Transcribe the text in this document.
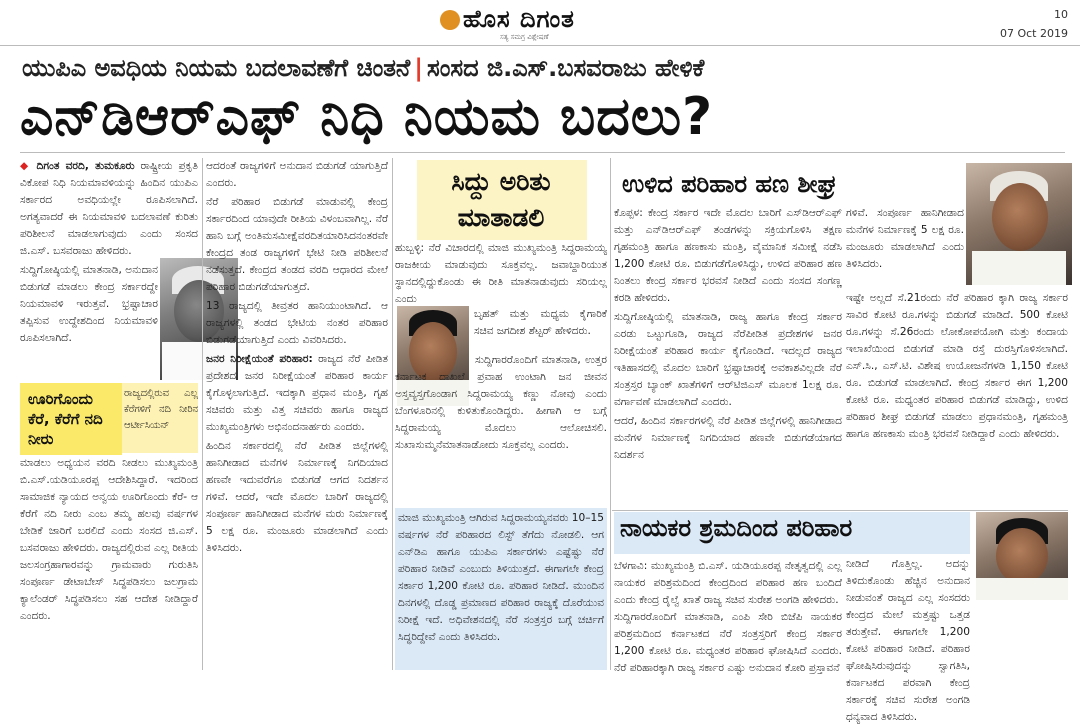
ಹೊಸ ದಿಗಂತ
ಸತ್ಯ ಸಮಗ್ರ ವಿಶ್ಲೇಷಣೆ
10
07 Oct 2019
ಯುಪಿಎ ಅವಧಿಯ ನಿಯಮ ಬದಲಾವಣೆಗೆ ಚಿಂತನೆ | ಸಂಸದ ಜಿ.ಎಸ್.ಬಸವರಾಜು ಹೇಳಿಕೆ
ಎನ್‌ಡಿಆರ್‌ಎಫ್ ನಿಧಿ ನಿಯಮ ಬದಲು?

◆ ದಿಗಂತ ವರದಿ, ತುಮಕೂರು ರಾಷ್ಟ್ರೀಯ ಪ್ರಕೃತಿ ವಿಕೋಪ ನಿಧಿ ನಿಯಮಾವಳಿಯನ್ನು ಹಿಂದಿನ ಯುಪಿಎ ಸರ್ಕಾರದ ಅವಧಿಯಲ್ಲೇ ರೂಪಿಸಲಾಗಿದೆ. ಅಗತ್ಯವಾದರೆ ಈ ನಿಯಮಾವಳಿ ಬದಲಾವಣೆ ಕುರಿತು ಪರಿಶೀಲನೆ ಮಾಡಲಾಗುವುದು ಎಂದು ಸಂಸದ ಜಿ.ಎಸ್. ಬಸವರಾಜು ಹೇಳಿದರು.

ಸುದ್ದಿಗೋಷ್ಠಿಯಲ್ಲಿ ಮಾತನಾಡಿ, ಅನುದಾನ ಬಿಡುಗಡೆ ಮಾಡಲು ಕೇಂದ್ರ ಸರ್ಕಾರದ್ದೇ ನಿಯಮಾವಳಿ ಇರುತ್ತವೆ. ಭ್ರಷ್ಟಾಚಾರ ತಪ್ಪಿಸುವ ಉದ್ದೇಶದಿಂದ ನಿಯಮಾವಳಿ ರೂಪಿಸಲಾಗಿದೆ.

ಊರಿಗೊಂದು ಕೆರೆ, ಕೆರೆಗೆ ನದಿ ನೀರು
ರಾಜ್ಯದಲ್ಲಿರುವ ಎಲ್ಲ ಕೆರೆಗಳಿಗೆ ನದಿ ನೀರಿನ ಆರ್ಟೀಸಿಯನ್

ಮಾಡಲು ಅಧ್ಯಯನ ವರದಿ ನೀಡಲು ಮುಖ್ಯಮಂತ್ರಿ ಬಿ.ಎಸ್.ಯಡಿಯೂರಪ್ಪ ಆದೇಶಿಸಿದ್ದಾರೆ. ಇದರಿಂದ ಸಾಮಾಜಿಕ ನ್ಯಾಯದ ಅನ್ವಯ ಊರಿಗೊಂದು ಕೆರೆ- ಆ ಕೆರೆಗೆ ನದಿ ನೀರು ಎಂಬ ತಮ್ಮ ಹಲವು ವರ್ಷಗಳ ಬೇಡಿಕೆ ಜಾರಿಗೆ ಬರಲಿದೆ ಎಂದು ಸಂಸದ ಜಿ.ಎಸ್. ಬಸವರಾಜು ಹೇಳಿದರು. ರಾಜ್ಯದಲ್ಲಿರುವ ಎಲ್ಲ ರೀತಿಯ ಜಲಸಂಗ್ರಹಾಗಾರವನ್ನು ಗ್ರಾಮವಾರು ಗುರುತಿಸಿ ಸಂಪೂರ್ಣ ಡೇಟಾಬೇಸ್ ಸಿದ್ಧಪಡಿಸಲು ಜಲಗ್ರಾಮ ಕ್ಯಾಲೆಂಡರ್ ಸಿದ್ಧಪಡಿಸಲು ಸಹ ಆದೇಶ ನೀಡಿದ್ದಾರೆ ಎಂದರು.

ಆದರಂತೆ ರಾಜ್ಯಗಳಿಗೆ ಅನುದಾನ ಬಿಡುಗಡೆ ಯಾಗುತ್ತಿದೆ ಎಂದರು.

ನೆರೆ ಪರಿಹಾರ ಬಿಡುಗಡೆ ಮಾಡುವಲ್ಲಿ ಕೇಂದ್ರ ಸರ್ಕಾರದಿಂದ ಯಾವುದೇ ರೀತಿಯ ವಿಳಂಬವಾಗಿಲ್ಲ. ನೆರೆ ಹಾನಿ ಬಗ್ಗೆ ಅಂತಿಮಸಮೀಕ್ಷೆವರದಿತಯಾರಿಸಿದನಂತರವೇ ಕೇಂದ್ರದ ತಂಡ ರಾಜ್ಯಗಳಿಗೆ ಭೇಟಿ ನೀಡಿ ಪರಿಶೀಲನೆ ನಡೆಸುತ್ತದೆ. ಕೇಂದ್ರದ ತಂಡದ ವರದಿ ಆಧಾರದ ಮೇಲೆ ಪರಿಹಾರ ಬಿಡುಗಡೆಯಾಗುತ್ತದೆ.

13 ರಾಜ್ಯದಲ್ಲಿ ತೀವ್ರತರ ಹಾನಿಯುಂಟಾಗಿದೆ. ಆ ರಾಜ್ಯಗಳಲ್ಲಿ ತಂಡದ ಭೇಟಿಯ ನಂತರ ಪರಿಹಾರ ಬಿಡುಗಡೆಯಾಗುತ್ತಿದೆ ಎಂದು ವಿವರಿಸಿದರು.

ಜನರ ನಿರೀಕ್ಷೆಯಂತೆ ಪರಿಹಾರ: ರಾಜ್ಯದ ನೆರೆ ಪೀಡಿತ ಪ್ರದೇಶದ ಜನರ ನಿರೀಕ್ಷೆಯಂತೆ ಪರಿಹಾರ ಕಾರ್ಯ ಕೈಗೊಳ್ಳಲಾಗುತ್ತಿದೆ. ಇದಕ್ಕಾಗಿ ಪ್ರಧಾನ ಮಂತ್ರಿ, ಗೃಹ ಸಚಿವರು ಮತ್ತು ವಿತ್ತ ಸಚಿವರು ಹಾಗೂ ರಾಜ್ಯದ ಮುಖ್ಯಮಂತ್ರಿಗಳು ಅಭಿನಂದನಾರ್ಹರು ಎಂದರು.

ಹಿಂದಿನ ಸರ್ಕಾರದಲ್ಲಿ ನೆರೆ ಪೀಡಿತ ಜಿಲ್ಲೆಗಳಲ್ಲಿ ಹಾನಿಗೀಡಾದ ಮನೆಗಳ ನಿರ್ಮಾಣಕ್ಕೆ ನಿಗದಿಯಾದ ಹಣವೇ ಇದುವರೆಗೂ ಬಿಡುಗಡೆ ಆಗದ ನಿದರ್ಶನ ಗಳಿವೆ. ಆದರೆ, ಇದೇ ಮೊದಲ ಬಾರಿಗೆ ರಾಜ್ಯದಲ್ಲಿ ಸಂಪೂರ್ಣ ಹಾನಿಗೀಡಾದ ಮನೆಗಳ ಮರು ನಿರ್ಮಾಣಕ್ಕೆ 5 ಲಕ್ಷ ರೂ. ಮಂಜೂರು ಮಾಡಲಾಗಿದೆ ಎಂದು ತಿಳಿಸಿದರು.

ಸಿದ್ದು ಅರಿತು ಮಾತಾಡಲಿ
ಹುಬ್ಬಳ್ಳಿ: ನೆರೆ ವಿಚಾರದಲ್ಲಿ ಮಾಜಿ ಮುಖ್ಯಮಂತ್ರಿ ಸಿದ್ದರಾಮಯ್ಯ ರಾಜಕೀಯ ಮಾಡುವುದು ಸೂಕ್ತವಲ್ಲ. ಜವಾಬ್ದಾರಿಯುತ ಸ್ಥಾನದಲ್ಲಿದ್ದುಕೊಂಡು ಈ ರೀತಿ ಮಾತನಾಡುವುದು ಸರಿಯಲ್ಲ ಎಂದು
ಬೃಹತ್ ಮತ್ತು ಮಧ್ಯಮ ಕೈಗಾರಿಕೆ ಸಚಿವ ಜಗದೀಶ ಶೆಟ್ಟರ್ ಹೇಳಿದರು.
ಸುದ್ದಿಗಾರರೊಂದಿಗೆ ಮಾತನಾಡಿ, ಉತ್ತರ ಕರ್ನಾಟಕ ದಾಖಲೆ ಪ್ರವಾಹ ಉಂಟಾಗಿ ಜನ ಜೀವನ ಅಸ್ತವ್ಯಸ್ತಗೊಂಡಾಗ ಸಿದ್ದರಾಮಯ್ಯ ಕಣ್ಣು ನೋವು ಎಂದು ಬೆಂಗಳೂರಿನಲ್ಲಿ ಕುಳಿತುಕೊಂಡಿದ್ದರು. ಹೀಗಾಗಿ ಆ ಬಗ್ಗೆ ಸಿದ್ದರಾಮಯ್ಯ ಮೊದಲು ಆಲೋಚಿಸಲಿ. ಸುಖಾಸುಮ್ಮನೆಮಾತನಾಡೋದು ಸೂಕ್ತವಲ್ಲ ಎಂದರು.
ಮಾಜಿ ಮುಖ್ಯಮಂತ್ರಿ ಆಗಿರುವ ಸಿದ್ದರಾಮಯ್ಯನವರು 10–15 ವರ್ಷಗಳ ನೆರೆ ಪರಿಹಾರದ ಲಿಸ್ಟ್ ತೆಗೆದು ನೋಡಲಿ. ಆಗ ಎನ್‌ಡಿಎ ಹಾಗೂ ಯುಪಿಎ ಸರ್ಕಾರಗಳು ಎಷ್ಟೆಷ್ಟು ನೆರೆ ಪರಿಹಾರ ನೀಡಿವೆ ಎಂಬುದು ತಿಳಿಯುತ್ತದೆ. ಈಗಾಗಲೇ ಕೇಂದ್ರ ಸರ್ಕಾರ 1,200 ಕೋಟಿ ರೂ. ಪರಿಹಾರ ನೀಡಿದೆ. ಮುಂದಿನ ದಿನಗಳಲ್ಲಿ ದೊಡ್ಡ ಪ್ರಮಾಣದ ಪರಿಹಾರ ರಾಜ್ಯಕ್ಕೆ ದೊರೆಯುವ ನಿರೀಕ್ಷೆ ಇದೆ. ಅಧಿವೇಶನದಲ್ಲಿ ನೆರೆ ಸಂತ್ರಸ್ತರ ಬಗ್ಗೆ ಚರ್ಚಿಗೆ ಸಿದ್ಧರಿದ್ದೇವೆ ಎಂದು ತಿಳಿಸಿದರು.
ಉಳಿದ ಪರಿಹಾರ ಹಣ ಶೀಘ್ರ

ಕೊಪ್ಪಳ: ಕೇಂದ್ರ ಸರ್ಕಾರ ಇದೇ ಮೊದಲ ಬಾರಿಗೆ ಎಸ್‌ಡಿಆರ್‌ಎಫ್ ಮತ್ತು ಎನ್‌ಡಿಆರ್‌ಎಫ್ ತಂಡಗಳನ್ನು ಸಕ್ರಿಯಗೊಳಿಸಿ ತಕ್ಷಣ ಗೃಹಮಂತ್ರಿ ಹಾಗೂ ಹಣಕಾಸು ಮಂತ್ರಿ, ವೈಮಾನಿಕ ಸಮೀಕ್ಷೆ ನಡೆಸಿ 1,200 ಕೋಟಿ ರೂ. ಬಿಡುಗಡೆಗೊಳಿಸಿದ್ದು, ಉಳಿದ ಪರಿಹಾರ ಹಣ ನಿಂತಲು ಕೇಂದ್ರ ಸರ್ಕಾರ ಭರವಸೆ ನೀಡಿದೆ ಎಂದು ಸಂಸದ ಸಂಗಣ್ಣ ಕರಡಿ ಹೇಳಿದರು.

ಸುದ್ದಿಗೋಷ್ಠಿಯಲ್ಲಿ ಮಾತನಾಡಿ, ರಾಜ್ಯ ಹಾಗೂ ಕೇಂದ್ರ ಸರ್ಕಾರ ಎರಡು ಒಟ್ಟುಗೂಡಿ, ರಾಜ್ಯದ ನೆರೆಪೀಡಿತ ಪ್ರದೇಶಗಳ ಜನರ ನಿರೀಕ್ಷೆಯಂತೆ ಪರಿಹಾರ ಕಾರ್ಯ ಕೈಗೊಂಡಿದೆ. ಇದಲ್ಲದೆ ರಾಜ್ಯದ ಇತಿಹಾಸದಲ್ಲಿ ಮೊದಲ ಬಾರಿಗೆ ಭ್ರಷ್ಟಾಚಾರಕ್ಕೆ ಅವಕಾಶವಿಲ್ಲದೇ ನೆರೆ ಸಂತ್ರಸ್ತರ ಬ್ಯಾಂಕ್ ಖಾತೆಗಳಿಗೆ ಆರ್‌ಟಿಜಿಎಸ್ ಮೂಲಕ 1ಲಕ್ಷ ರೂ. ವರ್ಗಾವಣೆ ಮಾಡಲಾಗಿದೆ ಎಂದರು.

ಆದರೆ, ಹಿಂದಿನ ಸರ್ಕಾರಗಳಲ್ಲಿ ನೆರೆ ಪೀಡಿತ ಜಿಲ್ಲೆಗಳಲ್ಲಿ ಹಾನಿಗೀಡಾದ ಮನೆಗಳ ನಿರ್ಮಾಣಕ್ಕೆ ನಿಗದಿಯಾದ ಹಣವೇ ಬಿಡುಗಡೆಯಾಗದ ನಿದರ್ಶನ

ಗಳಿವೆ. ಸಂಪೂರ್ಣ ಹಾನಿಗೀಡಾದ ಮನೆಗಳ ನಿರ್ಮಾಣಕ್ಕೆ 5 ಲಕ್ಷ ರೂ. ಮಂಜೂರು ಮಾಡಲಾಗಿದೆ ಎಂದು ತಿಳಿಸಿದರು.
ಇಷ್ಟೇ ಅಲ್ಲದೆ ಸೆ.21ರಂದು ನೆರೆ ಪರಿಹಾರ ಕ್ಕಾಗಿ ರಾಜ್ಯ ಸರ್ಕಾರ ಸಾವಿರ ಕೋಟಿ ರೂ.ಗಳನ್ನು ಬಿಡುಗಡೆ ಮಾಡಿದೆ. 500 ಕೋಟಿ ರೂ.ಗಳನ್ನು ಸೆ.26ರಂದು ಲೋಕೋಪಯೋಗಿ ಮತ್ತು ಕಂದಾಯ ಇಲಾಖೆಯಿಂದ ಬಿಡುಗಡೆ ಮಾಡಿ ರಸ್ತೆ ದುರಸ್ತಿಗೊಳಿಸಲಾಗಿದೆ. ಎಸ್.ಸಿ., ಎಸ್.ಟಿ. ವಿಶೇಷ ಉಯೋಜನೆಗಳಡಿ 1,150 ಕೋಟಿ ರೂ. ಬಿಡುಗಡೆ ಮಾಡಲಾಗಿದೆ. ಕೇಂದ್ರ ಸರ್ಕಾರ ಈಗ 1,200 ಕೋಟಿ ರೂ. ಮಧ್ಯಂತರ ಪರಿಹಾರ ಬಿಡುಗಡೆ ಮಾಡಿದ್ದು, ಉಳಿದ ಪರಿಹಾರ ಶೀಘ್ರ ಬಿಡುಗಡೆ ಮಾಡಲು ಪ್ರಧಾನಮಂತ್ರಿ, ಗೃಹಮಂತ್ರಿ ಹಾಗೂ ಹಣಕಾಸು ಮಂತ್ರಿ ಭರವಸೆ ನೀಡಿದ್ದಾರೆ ಎಂದು ಹೇಳಿದರು.
ನಾಯಕರ ಶ್ರಮದಿಂದ ಪರಿಹಾರ

ಬೆಳಗಾವಿ: ಮುಖ್ಯಮಂತ್ರಿ ಬಿ.ಎಸ್. ಯಡಿಯೂರಪ್ಪ ನೇತೃತ್ವದಲ್ಲಿ ಎಲ್ಲ ನಾಯಕರ ಪರಿಶ್ರಮದಿಂದ ಕೇಂದ್ರದಿಂದ ಪರಿಹಾರ ಹಣ ಬಂದಿದೆ ಎಂದು ಕೇಂದ್ರ ರೈಲ್ವೆ ಖಾತೆ ರಾಜ್ಯ ಸಚಿವ ಸುರೇಶ ಅಂಗಡಿ ಹೇಳಿದರು.

ಸುದ್ದಿಗಾರರೊಂದಿಗೆ ಮಾತನಾಡಿ, ಎಂಪಿ ಸೇರಿ ಬಿಜೆಪಿ ನಾಯಕರ ಪರಿಶ್ರಮದಿಂದ ಕರ್ನಾಟಕದ ನೆರೆ ಸಂತ್ರಸ್ತರಿಗೆ ಕೇಂದ್ರ ಸರ್ಕಾರ 1,200 ಕೋಟಿ ರೂ. ಮಧ್ಯಂತರ ಪರಿಹಾರ ಘೋಷಿಸಿದೆ ಎಂದರು. ನೆರೆ ಪರಿಹಾರಕ್ಕಾಗಿ ರಾಜ್ಯ ಸರ್ಕಾರ ಎಷ್ಟು ಅನುದಾನ ಕೋರಿ ಪ್ರಸ್ತಾವನೆ

ನೀಡಿದೆ ಗೊತ್ತಿಲ್ಲ. ಅದನ್ನು ತಿಳಿದುಕೊಂಡು ಹೆಚ್ಚಿನ ಅನುದಾನ ನೀಡುವಂತೆ ರಾಜ್ಯದ ಎಲ್ಲ ಸಂಸದರು ಕೇಂದ್ರದ ಮೇಲೆ ಮತ್ತಷ್ಟು ಒತ್ತಡ ತರುತ್ತೇವೆ. ಈಗಾಗಲೇ 1,200 ಕೋಟಿ ಪರಿಹಾರ ನೀಡಿದೆ. ಪರಿಹಾರ ಘೋಷಿಸಿರುವುದನ್ನು ಸ್ವಾಗತಿಸಿ, ಕರ್ನಾಟಕದ ಪರವಾಗಿ ಕೇಂದ್ರ ಸರ್ಕಾರಕ್ಕೆ ಸಚಿವ ಸುರೇಶ ಅಂಗಡಿ ಧನ್ಯವಾದ ತಿಳಿಸಿದರು.
